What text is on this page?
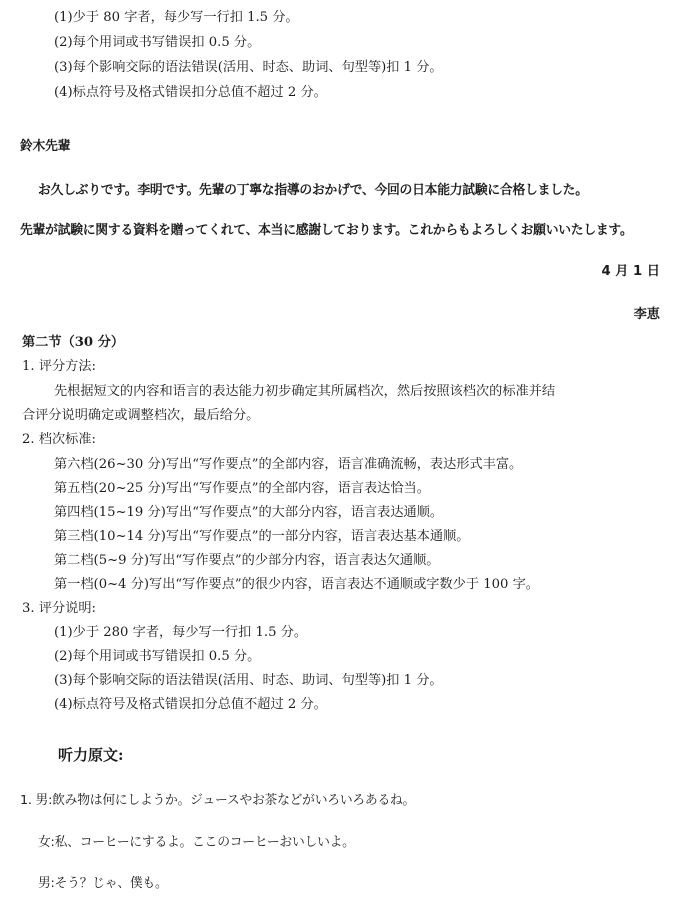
(1)少于 80 字者，每少写一行扣 1.5 分。
(2)每个用词或书写错误扣 0.5 分。
(3)每个影响交际的语法错误(活用、时态、助词、句型等)扣 1 分。
(4)标点符号及格式错误扣分总值不超过 2 分。
鈴木先輩
お久しぶりです。李明です。先輩の丁寧な指導のおかげで、今回の日本能力試験に合格しました。
先輩が試験に関する資料を贈ってくれて、本当に感謝しております。これからもよろしくお願いいたします。
4 月 1 日
李恵
第二节（30 分）
1. 评分方法:
先根据短文的内容和语言的表达能力初步确定其所属档次，然后按照该档次的标准并结
合评分说明确定或调整档次，最后给分。
2. 档次标准:
第六档(26~30 分)写出“写作要点”的全部内容，语言准确流畅，表达形式丰富。
第五档(20~25 分)写出“写作要点”的全部内容，语言表达恰当。
第四档(15~19 分)写出“写作要点”的大部分内容，语言表达通顺。
第三档(10~14 分)写出“写作要点”的一部分内容，语言表达基本通顺。
第二档(5~9 分)写出“写作要点”的少部分内容，语言表达欠通顺。
第一档(0~4 分)写出“写作要点”的很少内容，语言表达不通顺或字数少于 100 字。
3. 评分说明:
(1)少于 280 字者，每少写一行扣 1.5 分。
(2)每个用词或书写错误扣 0.5 分。
(3)每个影响交际的语法错误(活用、时态、助词、句型等)扣 1 分。
(4)标点符号及格式错误扣分总值不超过 2 分。
听力原文:
1. 男:飲み物は何にしようか。ジュースやお茶などがいろいろあるね。
女:私、コーヒーにするよ。ここのコーヒーおいしいよ。
男:そう？じゃ、僕も。
